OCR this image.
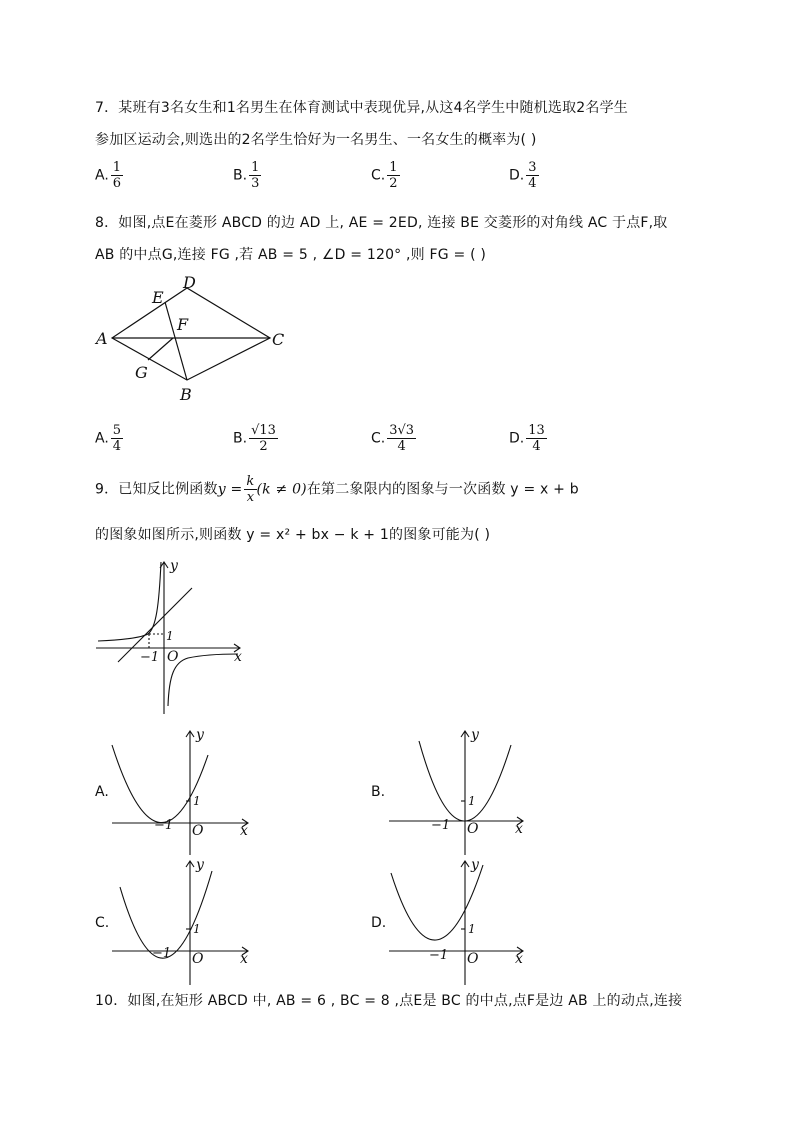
7．某班有3名女生和1名男生在体育测试中表现优异,从这4名学生中随机选取2名学生
参加区运动会,则选出的2名学生恰好为一名男生、一名女生的概率为( )
A. $\frac{1}{6}$	B. $\frac{1}{3}$	C. $\frac{1}{2}$	D. $\frac{3}{4}$
8．如图,点E在菱形 ABCD 的边 AD 上, AE = 2ED, 连接 BE 交菱形的对角线 AC 于点F,取
AB 的中点G,连接 FG ,若 AB = 5 , ∠D = 120° ,则 FG = ( )
A
D
E
F
C
G
B
A. $\frac{5}{4}$	B. $\frac{√13}{2}$	C. $\frac{3√3}{4}$	D. $\frac{13}{4}$
9．已知反比例函数$y = \frac{k}{x} (k \ne 0)$在第二象限内的图象与一次函数 y = x + b
的图象如图所示,则函数 y = x² + bx − k + 1的图象可能为( )
y
x
O
−1
1
A.
y
x
O
−1
1
B.
y
x
O
−1
1
C.
y
x
O
−1
1	D.
y
x
O
−1
1
10．如图,在矩形 ABCD 中, AB = 6 , BC = 8 ,点E是 BC 的中点,点F是边 AB 上的动点,连接
